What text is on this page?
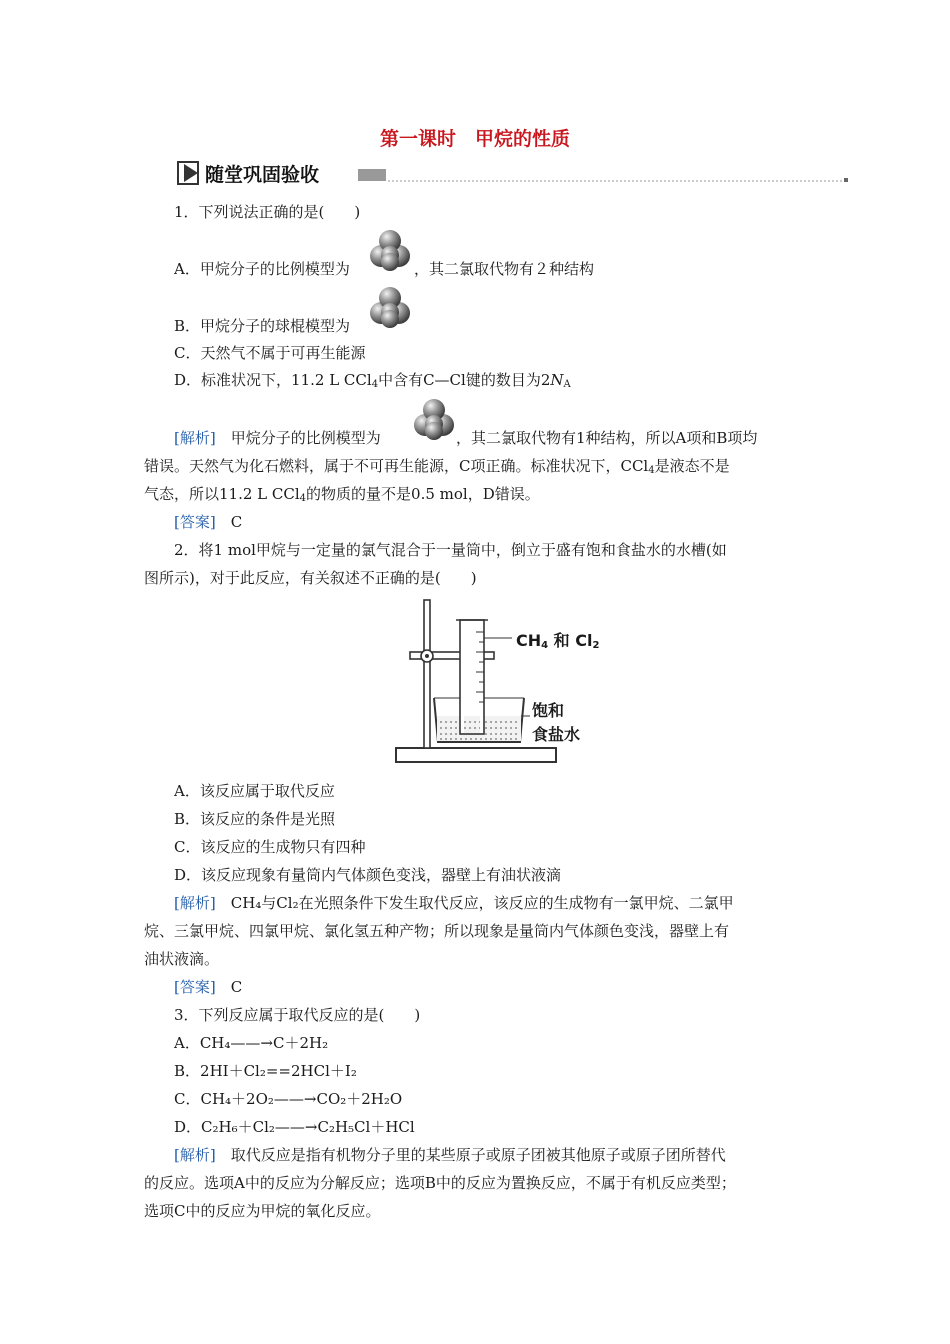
第一课时　甲烷的性质
随堂巩固验收
1．下列说法正确的是(　　)
A．甲烷分子的比例模型为	，其二氯取代物有２种结构
B．甲烷分子的球棍模型为
C．天然气不属于可再生能源
D．标准状况下，11.2 L CCl$_4$中含有C—Cl键的数目为$2N_A$
[解析]　 甲烷分子的比例模型为	，其二氯取代物有1种结构，所以A项和B项均
错误。天然气为化石燃料，属于不可再生能源，C项正确。标准状况下，CCl$_4$是液态不是
气态，所以11.2 L CCl$_4$的物质的量不是0.5 mol，D错误。
[答案]　 C
2．将1 mol甲烷与一定量的氯气混合于一量筒中，倒立于盛有饱和食盐水的水槽(如
图所示)，对于此反应，有关叙述不正确的是(　　)
$CH_4$ 和 $Cl_2$
饱和
食盐水
A．该反应属于取代反应
B．该反应的条件是光照
C．该反应的生成物只有四种
D．该反应现象有量筒内气体颜色变浅，器壁上有油状液滴
[解析]　 CH₄与Cl₂在光照条件下发生取代反应，该反应的生成物有一氯甲烷、二氯甲
烷、三氯甲烷、四氯甲烷、氯化氢五种产物；所以现象是量筒内气体颜色变浅，器壁上有
油状液滴。
[答案]　 C
3．下列反应属于取代反应的是(　　)
A．CH₄——→C＋2H₂
B．2HI＋Cl₂==2HCl＋I₂
C．CH₄＋2O₂——→CO₂＋2H₂O
D．C₂H₆＋Cl₂——→C₂H₅Cl＋HCl
[解析]　 取代反应是指有机物分子里的某些原子或原子团被其他原子或原子团所替代
的反应。选项A中的反应为分解反应；选项B中的反应为置换反应，不属于有机反应类型；
选项C中的反应为甲烷的氧化反应。
